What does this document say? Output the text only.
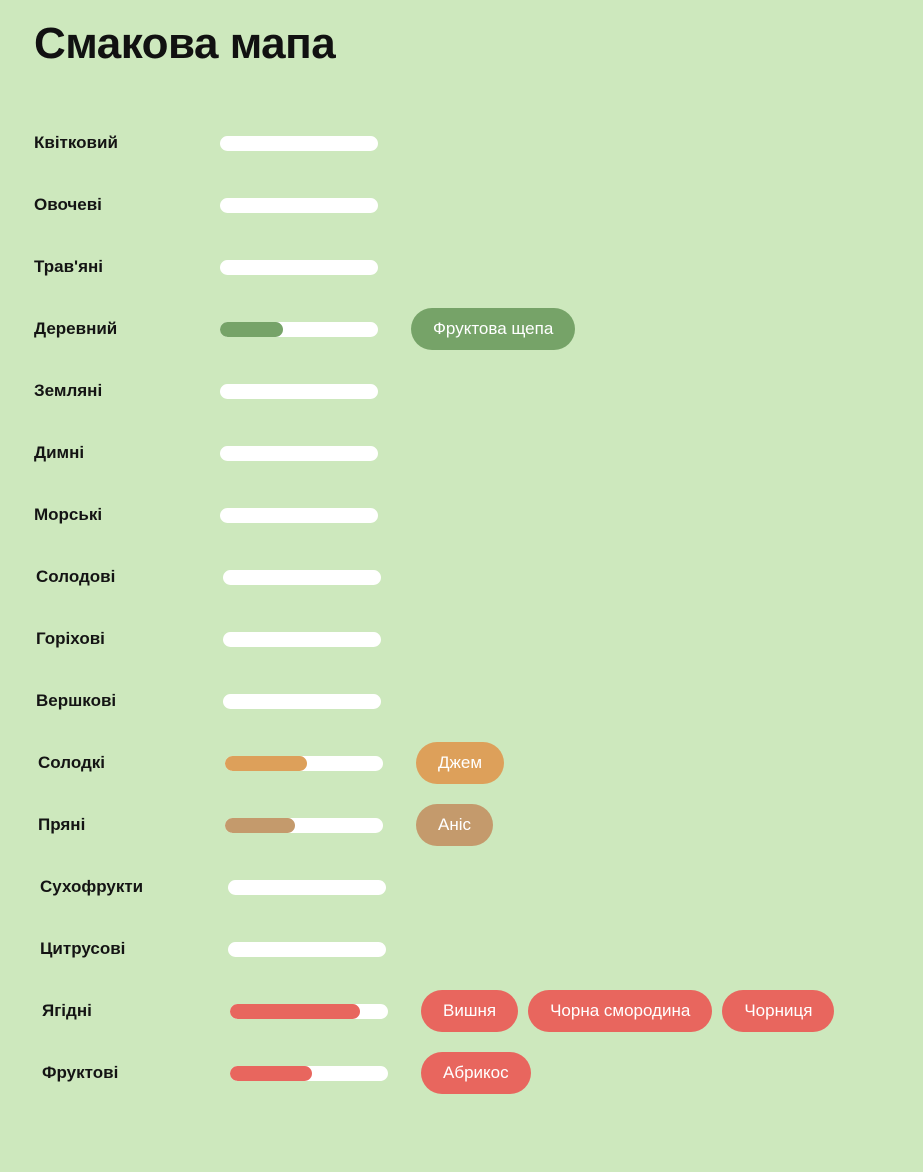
Смакова мапа
Квітковий
Овочеві
Трав'яні
Деревний	Фруктова щепа
Земляні
Димні
Морські
Солодові
Горіхові
Вершкові
Солодкі	Джем
Пряні	Аніс
Сухофрукти
Цитрусові
Ягідні	Вишня	Чорна смородина	Чорниця
Фруктові	Абрикос
